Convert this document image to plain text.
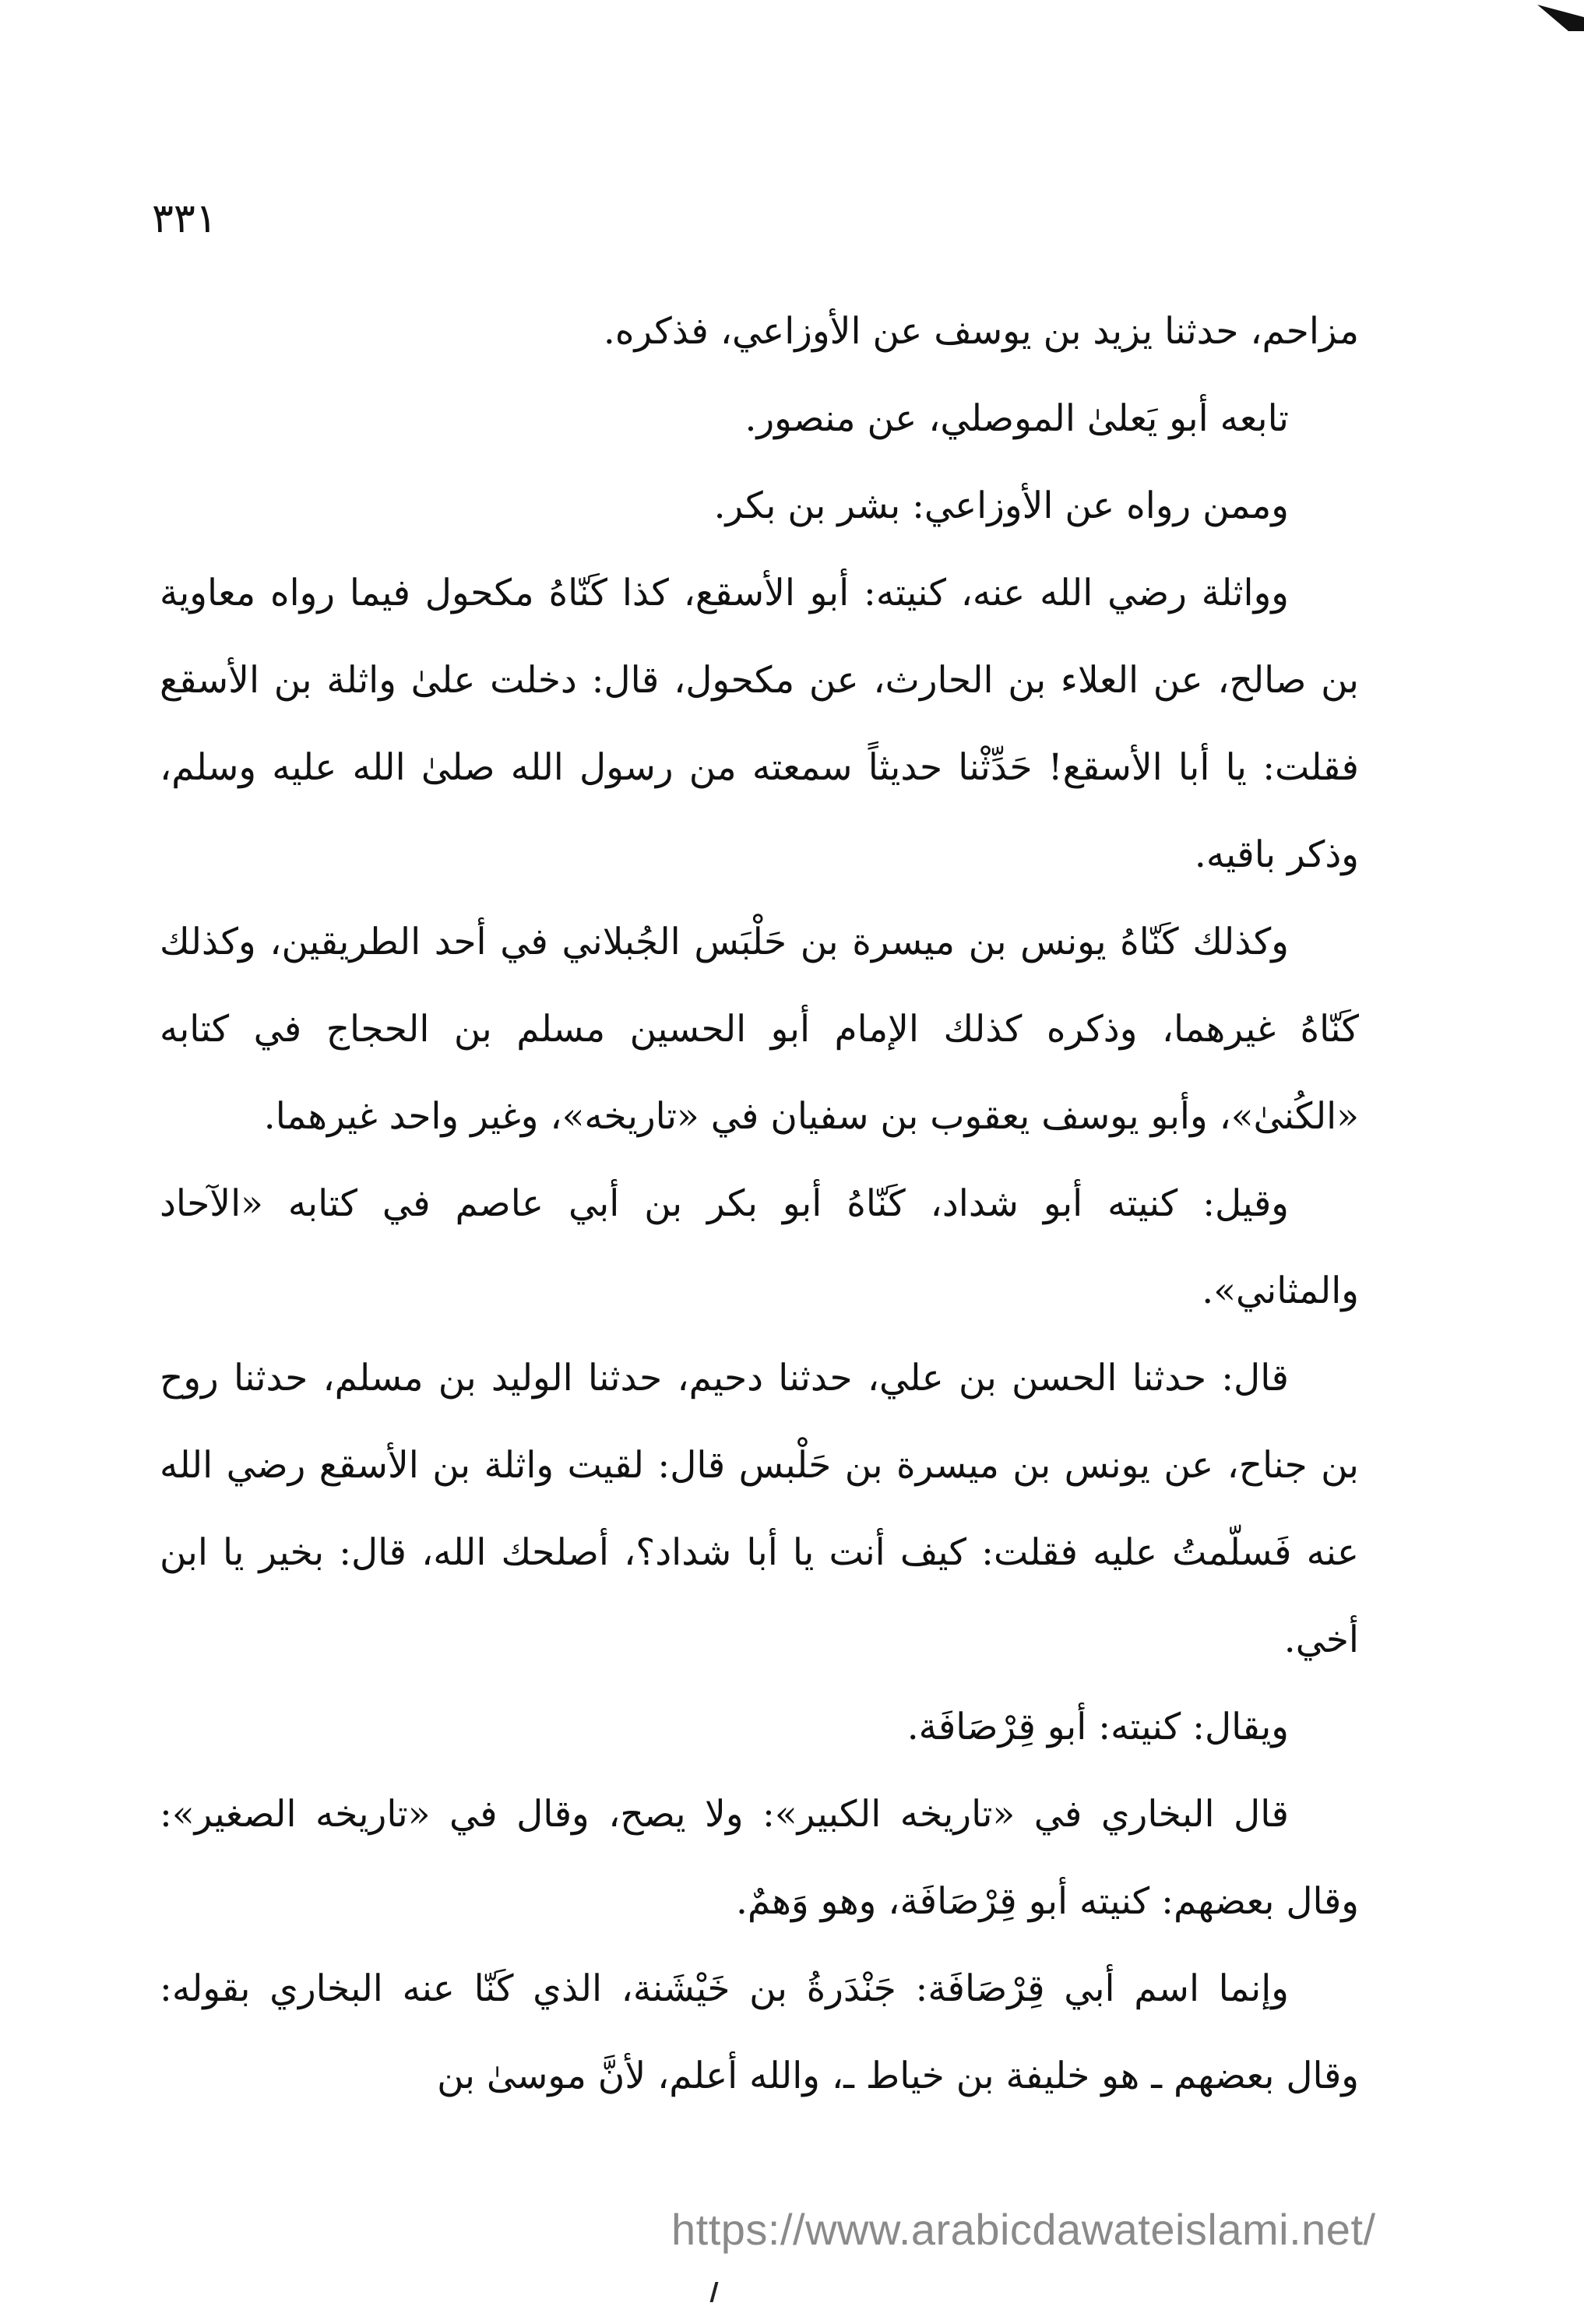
٣٣١

مزاحم، حدثنا يزيد بن يوسف عن الأوزاعي، فذكره.

تابعه أبو يَعلىٰ الموصلي، عن منصور.

وممن رواه عن الأوزاعي: بشر بن بكر.

وواثلة رضي الله عنه، كنيته: أبو الأسقع، كذا كَنّاهُ مكحول فيما رواه معاوية بن صالح، عن العلاء بن الحارث، عن مكحول، قال: دخلت علىٰ واثلة بن الأسقع فقلت: يا أبا الأسقع! حَدِّثْنا حديثاً سمعته من رسول الله صلىٰ الله عليه وسلم، وذكر باقيه.

وكذلك كَنّاهُ يونس بن ميسرة بن حَلْبَس الجُبلاني في أحد الطريقين، وكذلك كَنّاهُ غيرهما، وذكره كذلك الإمام أبو الحسين مسلم بن الحجاج في كتابه «الكُنىٰ»، وأبو يوسف يعقوب بن سفيان في «تاريخه»، وغير واحد غيرهما.

وقيل: كنيته أبو شداد، كَنّاهُ أبو بكر بن أبي عاصم في كتابه «الآحاد والمثاني».

قال: حدثنا الحسن بن علي، حدثنا دحيم، حدثنا الوليد بن مسلم، حدثنا روح بن جناح، عن يونس بن ميسرة بن حَلْبس قال: لقيت واثلة بن الأسقع رضي الله عنه فَسلّمتُ عليه فقلت: كيف أنت يا أبا شداد؟، أصلحك الله، قال: بخير يا ابن أخي.

ويقال: كنيته: أبو قِرْصَافَة.

قال البخاري في «تاريخه الكبير»: ولا يصح، وقال في «تاريخه الصغير»: وقال بعضهم: كنيته أبو قِرْصَافَة، وهو وَهمٌ.

وإنما اسم أبي قِرْصَافَة: جَنْدَرةُ بن خَيْشَنة، الذي كَنّا عنه البخاري بقوله: وقال بعضهم ـ هو خليفة بن خياط ـ، والله أعلم، لأنَّ موسىٰ بن

https://www.arabicdawateislami.net/
